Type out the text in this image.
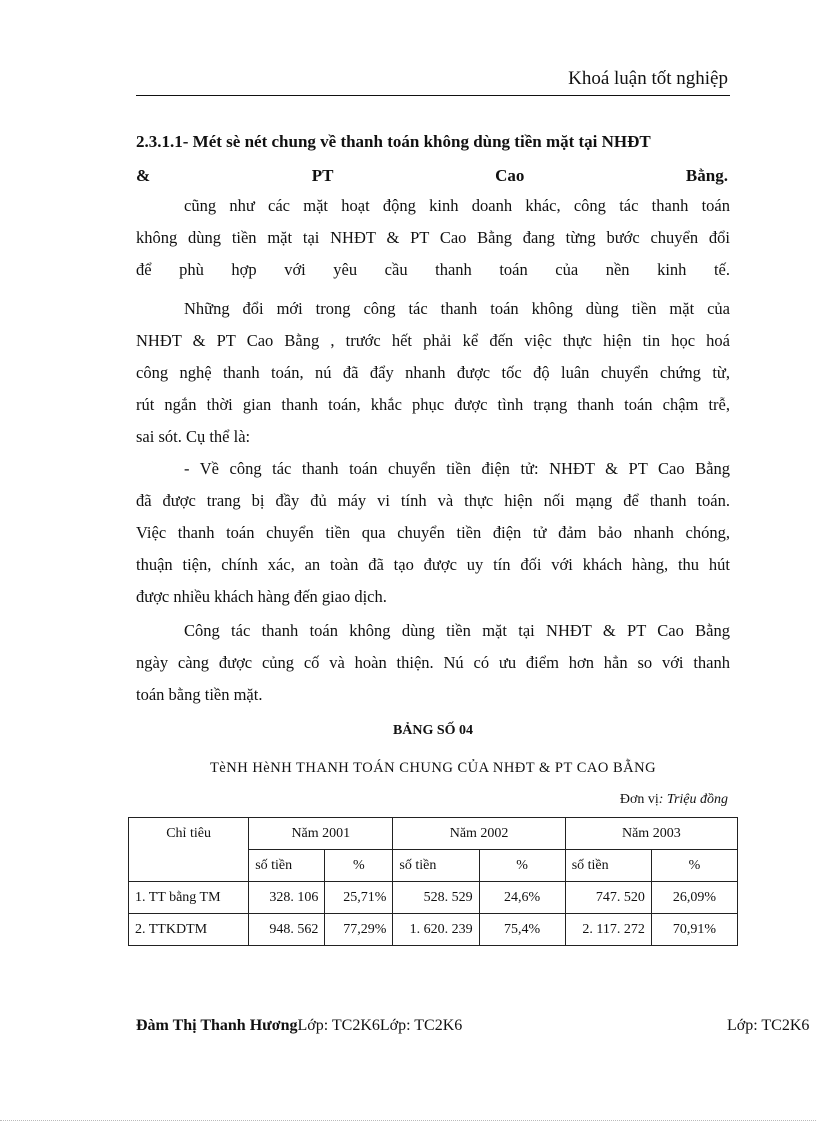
Khoá luận tốt nghiệp
2.3.1.1- Mét sè nét chung về thanh toán không dùng tiền mặt tại NHĐT
&	PT	Cao	Bằng.
cũng như các mặt hoạt động kinh doanh khác, công tác thanh toán
không dùng tiền mặt tại NHĐT & PT Cao Bằng đang từng bước chuyển đổi
để phù hợp với yêu cầu thanh toán của nền kinh tế.
Những đổi mới trong công tác thanh toán không dùng tiền mặt của
NHĐT & PT Cao Bằng , trước hết phải kể đến việc thực hiện tin học hoá
công nghệ thanh toán, nú đã đẩy nhanh được tốc độ luân chuyển chứng từ,
rút ngắn thời gian thanh toán, khắc phục được tình trạng thanh toán chậm trễ,
sai sót. Cụ thể là:
- Về công tác thanh toán chuyển tiền điện tử: NHĐT & PT Cao Bằng
đã được trang bị đầy đủ máy vi tính và thực hiện nối mạng để thanh toán.
Việc thanh toán chuyển tiền qua chuyển tiền điện tử đảm bảo nhanh chóng,
thuận tiện, chính xác, an toàn đã tạo được uy tín đối với khách hàng, thu hút
được nhiều khách hàng đến giao dịch.
Công tác thanh toán không dùng tiền mặt tại NHĐT & PT Cao Bằng
ngày càng được củng cố và hoàn thiện. Nú có ưu điểm hơn hẳn so với thanh
toán bằng tiền mặt.
BẢNG SỐ 04
TèNH HèNH THANH TOÁN CHUNG CỦA NHĐT & PT CAO BẰNG
Đơn vị: Triệu đồng
Chỉ tiêu	Năm 2001		Năm 2002		Năm 2003	
	số tiền	%	số tiền	%	số tiền	%
1. TT bằng TM	328. 106	25,71%	528. 529	24,6%	747. 520	26,09%
2. TTKDTM	948. 562	77,29%	1. 620. 239	75,4%	2. 117. 272	70,91%
Đàm Thị Thanh HươngLớp: TC2K6Lớp: TC2K6	Lớp: TC2K6
